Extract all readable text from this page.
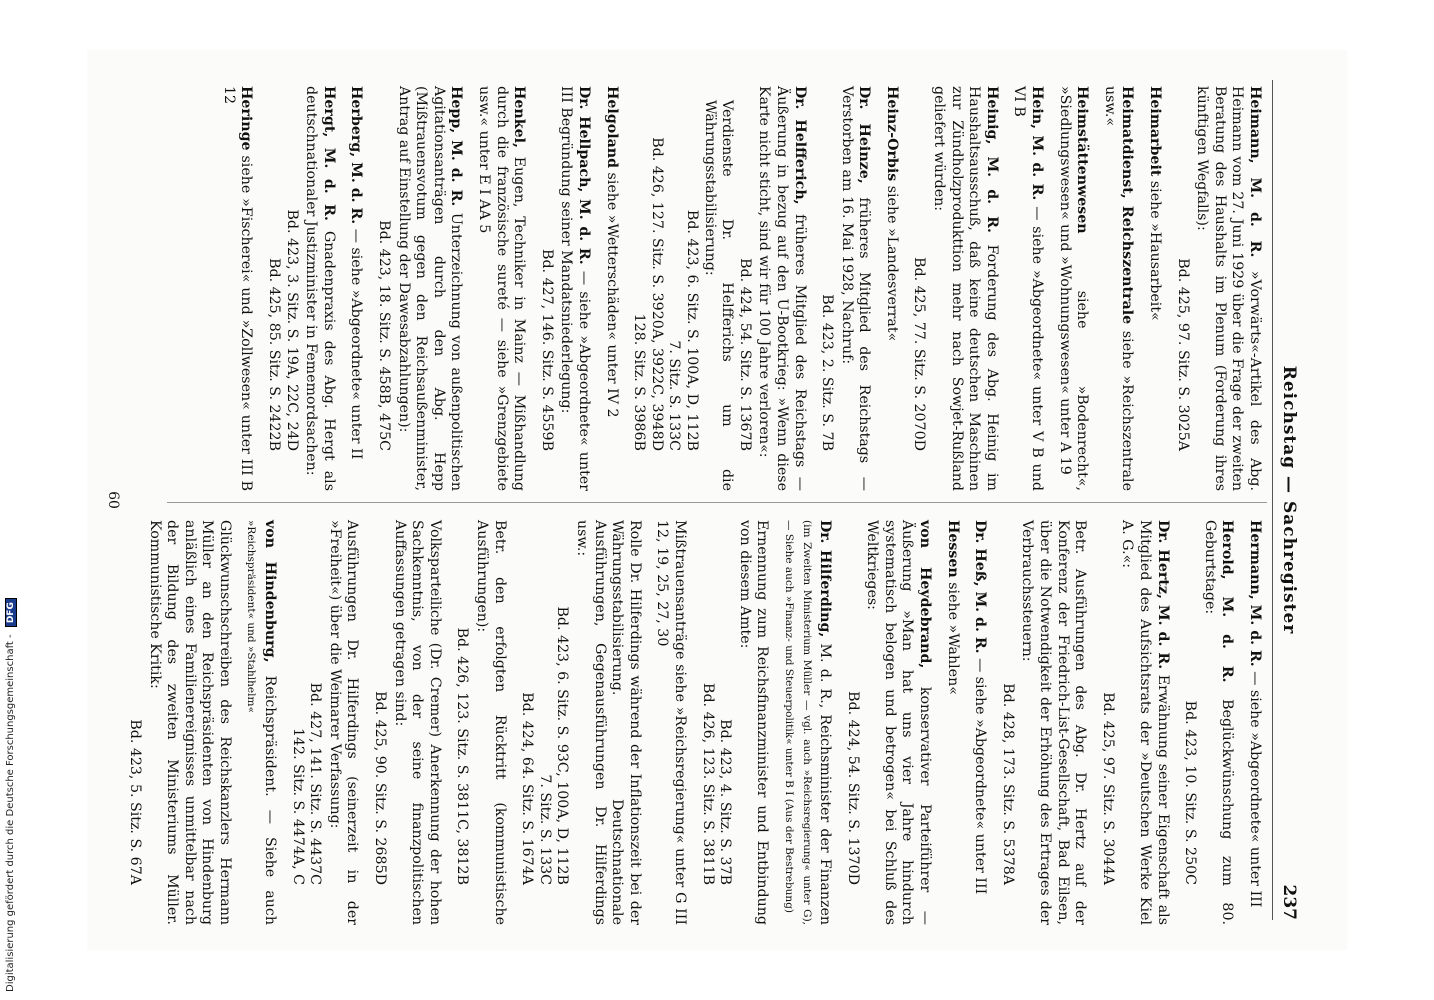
Reichstag — Sachregister
237

Heimann, M. d. R. »Vorwärts«-Artikel des Abg. Heimann vom 27. Juni 1929 über die Frage der zweiten Beratung des Haushalts im Plenum (Forderung ihres künftigen Wegfalls):

Bd. 425, 97. Sitz. S. 3025A

Heimarbeit siehe »Hausarbeit«

Heimatdienst, Reichszentrale siehe »Reichszentrale usw.«

Heimstättenwesen siehe »Bodenrecht«, »Siedlungswesen« und »Wohnungswesen« unter A 19

Hein, M. d. R. — siehe »Abgeordnete« unter V B und VI B

Heinig, M. d. R. Forderung des Abg. Heinig im Haushaltsausschuß, daß keine deutschen Maschinen zur Zündholzprodukttion mehr nach Sowjet-Rußland geliefert würden:

Bd. 425, 77. Sitz. S. 2070D

Heinz-Orbis siehe »Landesverrat«

Dr. Heinze, früheres Mitglied des Reichstags — Verstorben am 16. Mai 1928, Nachruf:

Bd. 423, 2. Sitz. S. 7B

Dr. Helfferich, früheres Mitglied des Reichstags — Äußerung in bezug auf den U-Bootkrieg: »Wenn diese Karte nicht sticht, sind wir für 100 Jahre verloren«:

Bd. 424, 54. Sitz. S. 1367B
Verdienste Dr. Helfferichs um die Währungsstabilisierung:
Bd. 423, 6. Sitz. S. 100A, D, 112B
7. Sitz. S. 133C
Bd. 426, 127. Sitz. S. 3920A, 3922C, 3948D
128. Sitz. S. 3986B

Helgoland siehe »Wetterschäden« unter IV 2

Dr. Hellpach, M. d. R. — siehe »Abgeordnete« unter III Begründung seiner Mandatsniederlegung:

Bd. 427, 146. Sitz. S. 4559B

Henkel, Eugen, Techniker in Mainz — Mißhandlung durch die französische sureté — siehe »Grenzgebiete usw.« unter E I AA 5

Hepp, M. d. R. Unterzeichnung von außenpolitischen Agitationsanträgen durch den Abg. Hepp (Mißtrauensvotum gegen den Reichsaußenminister, Antrag auf Einstellung der Dawesabzahlungen):

Bd. 423, 18. Sitz. S. 458B, 475C

Herberg, M. d. R. — siehe »Abgeordnete« unter II

Hergt, M. d. R. Gnadenpraxis des Abg. Hergt als deutschnationaler Justizminister in Fememordsachen:

Bd. 423, 3. Sitz. S. 19A, 22C, 24D
Bd. 425, 85. Sitz. S. 2422B

Heringe siehe »Fischerei« und »Zollwesen« unter III B 12

Hermann, M. d. R. — siehe »Abgeordnete« unter III

Herold, M. d. R. Beglückwünschung zum 80. Geburtstage:

Bd. 423, 10. Sitz. S. 250C

Dr. Hertz, M. d. R. Erwähnung seiner Eigenschaft als Mitglied des Aufsichtsrats der »Deutschen Werke Kiel A. G.«:

Bd. 425, 97. Sitz. S. 3044A

Betr. Ausführungen des Abg. Dr. Hertz auf der Konferenz der Friedrich-List-Gesellschaft, Bad Eilsen, über die Notwendigkeit der Erhöhung des Ertrages der Verbrauchssteuern:

Bd. 428, 173. Sitz. S. 5378A

Dr. Heß, M. d. R. — siehe »Abgeordnete« unter III

Hessen siehe »Wahlen«

von Heydebrand, konservativer Parteiführer — Äußerung »Man hat uns vier Jahre hindurch systematisch belogen und betrogen« bei Schluß des Weltkrieges:

Bd. 424, 54. Sitz. S. 1370D

Dr. Hilferding, M. d. R., Reichsminister der Finanzen (im Zweiten Ministerium Müller — vgl. auch »Reichsregierung« unter G), — Siehe auch »Finanz- und Steuerpolitik« unter B I (Aus der Bestrebung)

Ernennung zum Reichsfinanzminister und Entbindung von diesem Amte:

Bd. 423, 4. Sitz. S. 37B
Bd. 426, 123. Sitz. S. 3811B

Mißtrauensanträge siehe »Reichsregierung« unter G III 12, 19, 25, 27, 30

Rolle Dr. Hilferdings während der Inflationszeit bei der Währungsstabilisierung. Deutschnationale Ausführungen, Gegenausführungen Dr. Hilferdings usw.:

Bd. 423, 6. Sitz. S. 93C, 100A, D, 112B
7. Sitz. S. 133C
Bd. 424, 64. Sitz. S. 1674A

Betr. den erfolgten Rücktritt (kommunistische Ausführungen):

Bd. 426, 123. Sitz. S. 3811C, 3812B

Volksparteiliche (Dr. Cremer) Anerkennung der hohen Sachkenntnis, von der seine finanzpolitischen Auffassungen getragen sind:

Bd. 425, 90. Sitz. S. 2685D

Ausführungen Dr. Hilferdings (seinerzeit in der »Freiheit«) über die Weimarer Verfassung:

Bd. 427, 141. Sitz. S. 4437C
142. Sitz. S. 4474A, C

von Hindenburg, Reichspräsident. — Siehe auch »Reichspräsident« und »Stahlhelm«

Glückwunschschreiben des Reichskanzlers Hermann Müller an den Reichspräsidenten von Hindenburg anläßlich eines Familienereignisses unmittelbar nach der Bildung des zweiten Ministeriums Müller. Kommunistische Kritik:

Bd. 423, 5. Sitz. S. 67A
60
Digitalisierung gefördert durch die Deutsche Forschungsgemeinschaft - DFG
